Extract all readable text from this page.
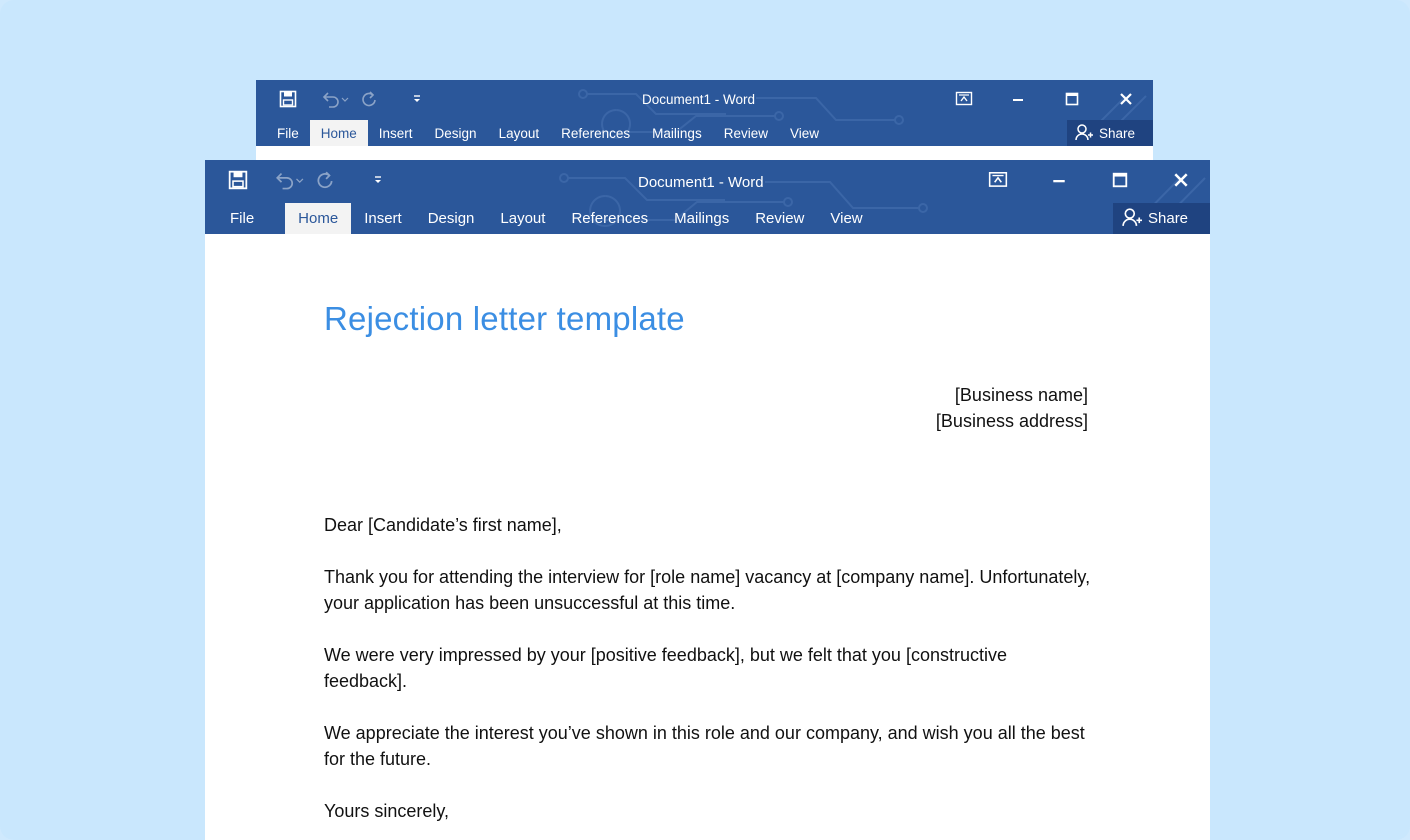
Document1 - Word
File	Home	Insert	Design	Layout	References	Mailings	Review	View	Share
Document1 - Word
File	Home	Insert	Design	Layout	References	Mailings	Review	View	Share
Rejection letter template
[Business name]
[Business address]

Dear [Candidate’s first name],

Thank you for attending the interview for [role name] vacancy at [company name]. Unfortunately, your application has been unsuccessful at this time.

We were very impressed by your [positive feedback], but we felt that you [constructive feedback].

We appreciate the interest you’ve shown in this role and our company, and wish you all the best for the future.

Yours sincerely,
